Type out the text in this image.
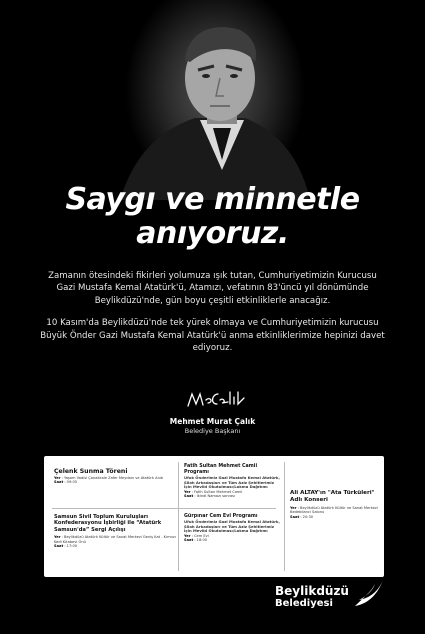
Saygı ve minnetle
anıyoruz.

Zamanın ötesindeki fikirleri yolumuza ışık tutan, Cumhuriyetimizin Kurucusu Gazi Mustafa Kemal Atatürk'ü, Atamızı, vefatının 83'üncü yıl dönümünde Beylikdüzü'nde, gün boyu çeşitli etkinliklerle anacağız.

10 Kasım'da Beylikdüzü'nde tek yürek olmaya ve Cumhuriyetimizin kurucusu Büyük Önder Gazi Mustafa Kemal Atatürk'ü anma etkinliklerimize hepinizi davet ediyoruz.

Mehmet Murat Çalık
Belediye Başkanı
Çelenk Sunma Töreni
Yer : Yaşam Vadisi Çanakkale Zafer Meydanı ve Atatürk Anıtı
Saat : 09:05
Fatih Sultan Mehmet Camii Programı
Ufuk Önderimiz Gazi Mustafa Kemal Atatürk, Silah Arkadaşları ve Tüm Aziz Şehitlerimiz İçin Mevlid Okutulması/Lokma Dağıtımı
Yer : Fatih Sultan Mehmet Camii
Saat : İkindi Namazı sonrası
Samsun Sivil Toplum Kuruluşları Konfederasyonu İşbirliği ile “Atatürk Samsun'da” Sergi Açılışı
Yer : Beylikdüzü Atatürk Kültür ve Sanat Merkezi Geniş Kat - Kırmızı Kedi Kitabevi Önü
Saat : 17:00
Gürpınar Cem Evi Programı
Ufuk Önderimiz Gazi Mustafa Kemal Atatürk, Silah Arkadaşları ve Tüm Aziz Şehitlerimiz İçin Mevlid Okutulması/Lokma Dağıtımı
Yer : Cem Evi
Saat : 18:00
Ali ALTAY'ın "Ata Türküleri" Adlı Konseri
Yer : Beylikdüzü Atatürk Kültür ve Sanat Merkezi Bedebilanci Salonu
Saat : 20:30
Beylikdüzü
Belediyesi
